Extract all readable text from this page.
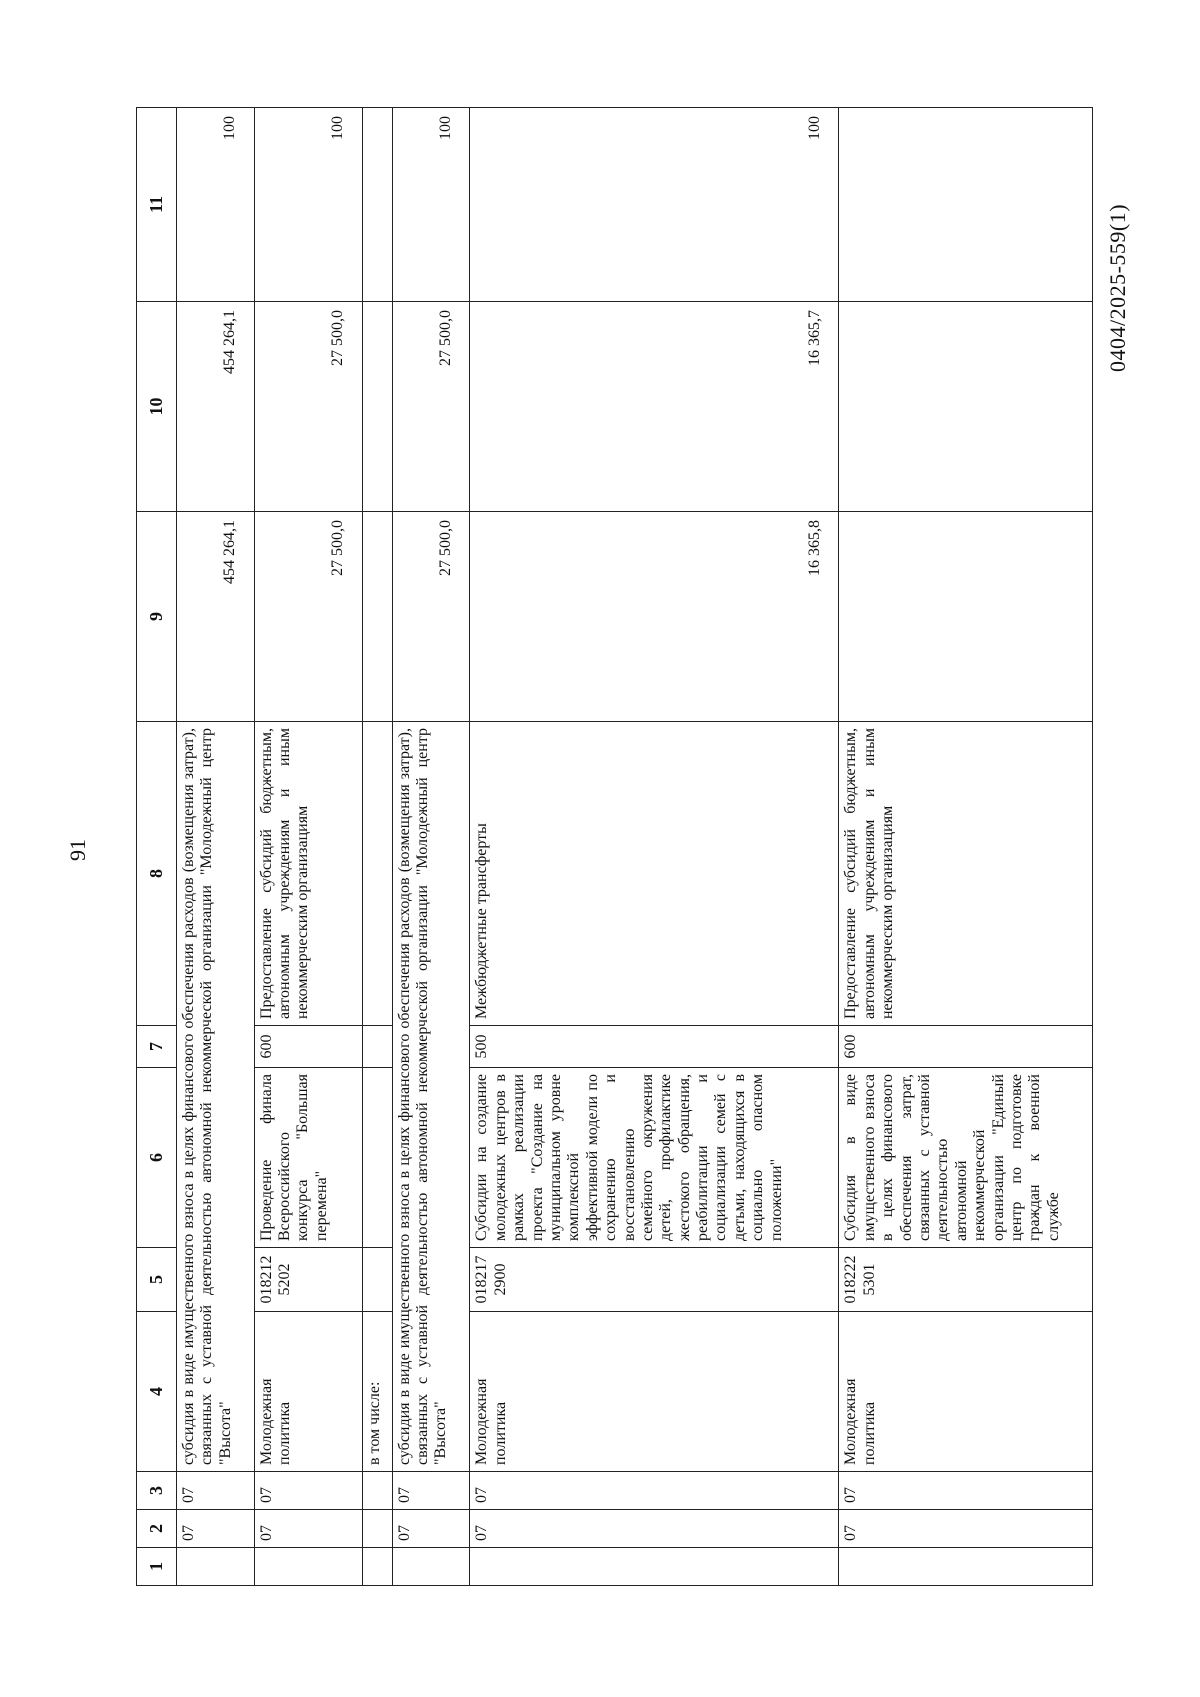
91
0404/2025-559(1)
1	2	3	4	5	6	7	8	9	10	11
	07	07	субсидия в виде имущественного взноса в целях финансового обеспечения расходов (возмещения затрат), связанных с уставной деятельностью автономной некоммерческой организации "Молодежный центр "Высота"					454 264,1	454 264,1	100
	07	07	Молодежная политика	018212 5202	Проведение финала Всероссийского конкурса "Большая перемена"	600	Предоставление субсидий бюджетным, автономным учреждениям и иным некоммерческим организациям	27 500,0	27 500,0	100
			в том числе:							
	07	07	субсидия в виде имущественного взноса в целях финансового обеспечения расходов (возмещения затрат), связанных с уставной деятельностью автономной некоммерческой организации "Молодежный центр "Высота"					27 500,0	27 500,0	100
	07	07	Молодежная политика	018217 2900	Субсидии на создание молодежных центров в рамках реализации проекта "Создание на муниципальном уровне комплексной эффективной модели по сохранению и восстановлению семейного окружения детей, профилактике жестокого обращения, реабилитации и социализации семей с детьми, находящихся в социально опасном положении"	500	Межбюджетные трансферты	16 365,8	16 365,7	100
	07	07	Молодежная политика	018222 5301	Субсидия в виде имущественного взноса в целях финансового обеспечения затрат, связанных с уставной деятельностью автономной некоммерческой организации "Единый центр по подготовке граждан к военной службе	600	Предоставление субсидий бюджетным, автономным учреждениям и иным некоммерческим организациям			
